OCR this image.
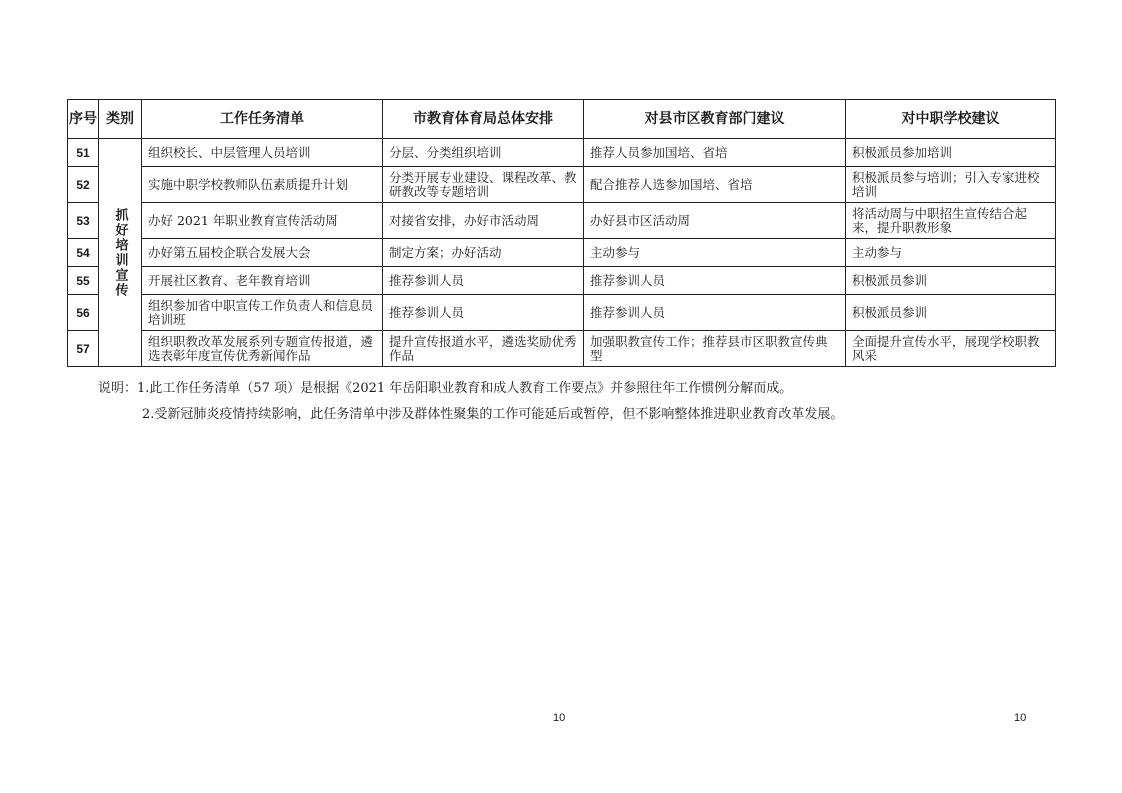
序号	类别	工作任务清单	市教育体育局总体安排	对县市区教育部门建议	对中职学校建议
51	抓好培训宣传	组织校长、中层管理人员培训	分层、分类组织培训	推荐人员参加国培、省培	积极派员参加培训
52		实施中职学校教师队伍素质提升计划	分类开展专业建设、课程改革、教研教改等专题培训	配合推荐人选参加国培、省培	积极派员参与培训；引入专家进校培训
53		办好 2021 年职业教育宣传活动周	对接省安排，办好市活动周	办好县市区活动周	将活动周与中职招生宣传结合起来，提升职教形象
54		办好第五届校企联合发展大会	制定方案；办好活动	主动参与	主动参与
55		开展社区教育、老年教育培训	推荐参训人员	推荐参训人员	积极派员参训
56		组织参加省中职宣传工作负责人和信息员培训班	推荐参训人员	推荐参训人员	积极派员参训
57		组织职教改革发展系列专题宣传报道，遴选表彰年度宣传优秀新闻作品	提升宣传报道水平，遴选奖励优秀作品	加强职教宣传工作；推荐县市区职教宣传典型	全面提升宣传水平，展现学校职教风采
说明：1.此工作任务清单（57 项）是根据《2021 年岳阳职业教育和成人教育工作要点》并参照往年工作惯例分解而成。
2.受新冠肺炎疫情持续影响，此任务清单中涉及群体性聚集的工作可能延后或暂停，但不影响整体推进职业教育改革发展。
10	10
